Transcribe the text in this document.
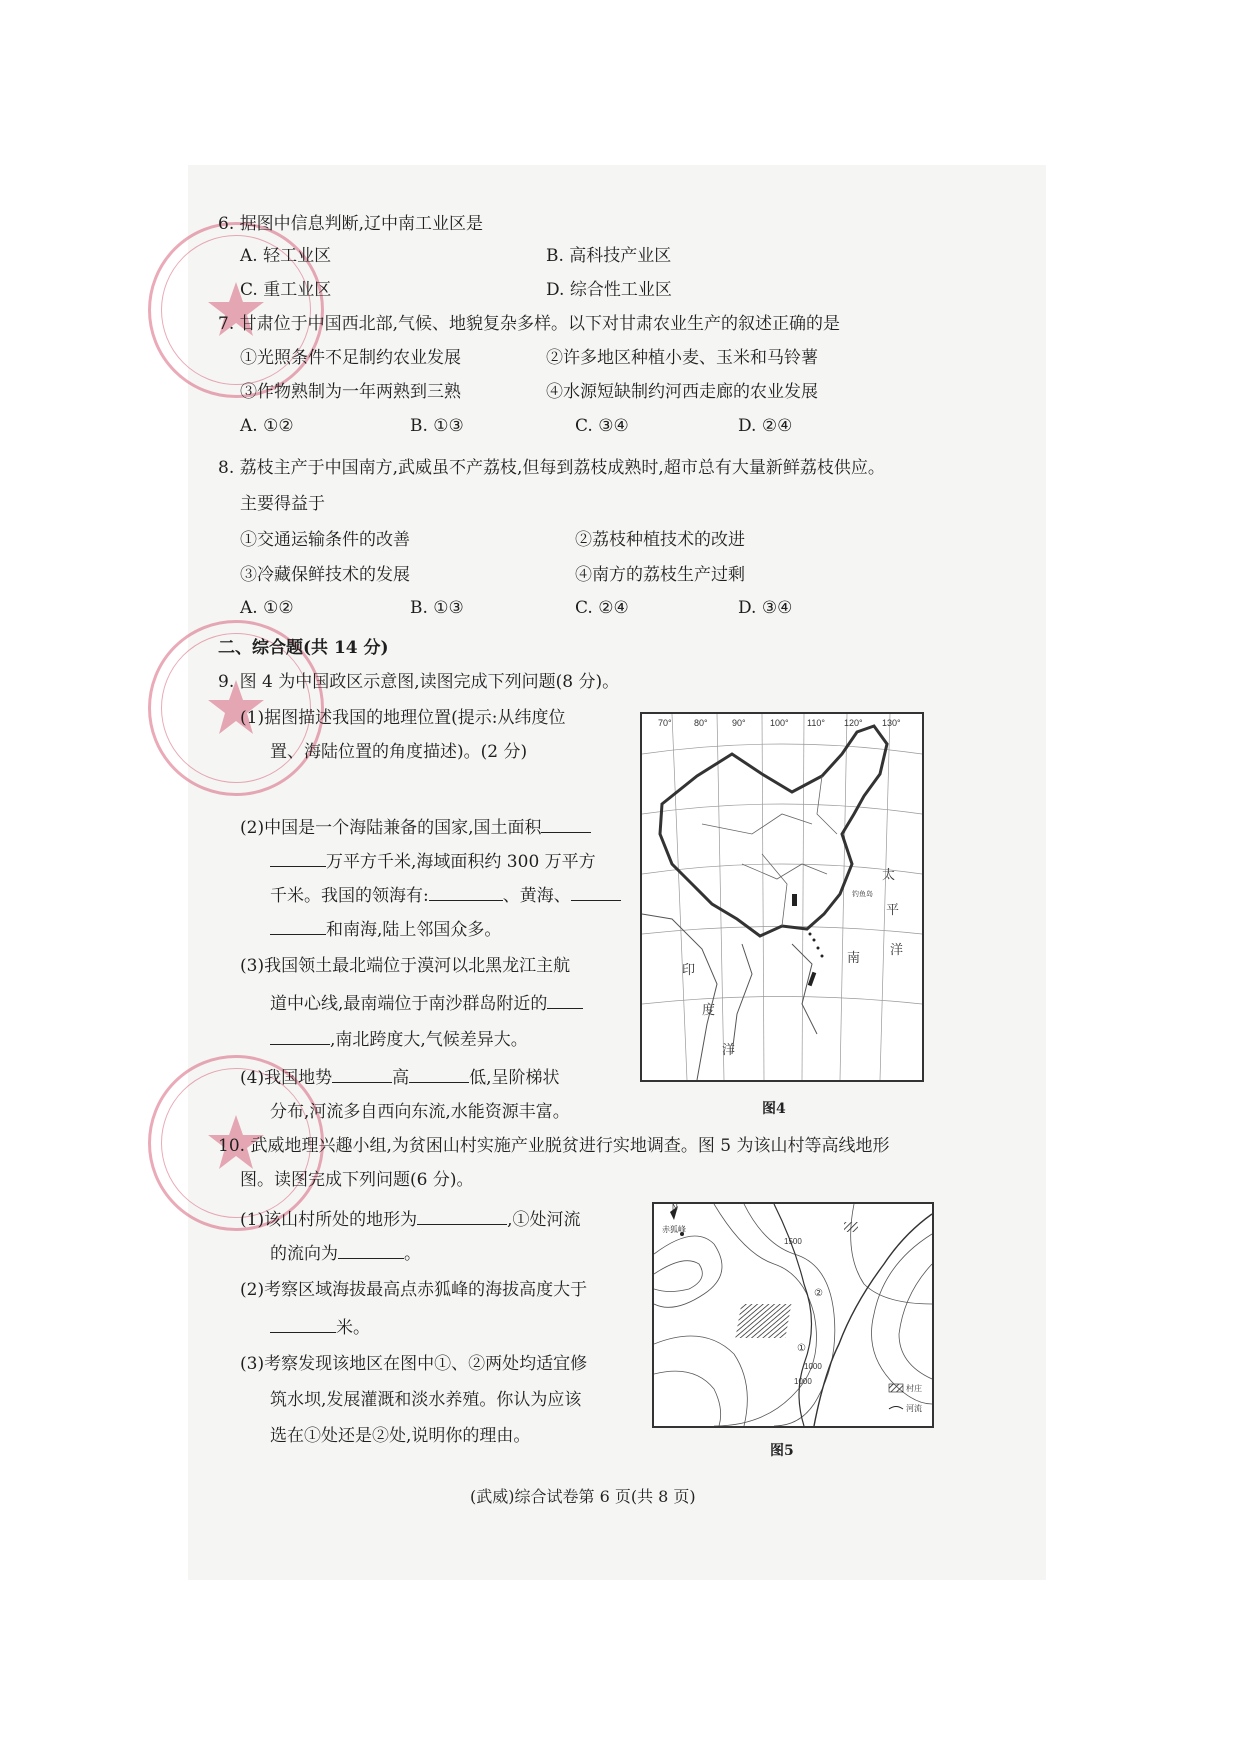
6. 据图中信息判断,辽中南工业区是
A. 轻工业区	B. 高科技产业区
C. 重工业区	D. 综合性工业区
7. 甘肃位于中国西北部,气候、地貌复杂多样。以下对甘肃农业生产的叙述正确的是
①光照条件不足制约农业发展	②许多地区种植小麦、玉米和马铃薯
③作物熟制为一年两熟到三熟	④水源短缺制约河西走廊的农业发展
A. ①②	B. ①③	C. ③④	D. ②④
8. 荔枝主产于中国南方,武威虽不产荔枝,但每到荔枝成熟时,超市总有大量新鲜荔枝供应。
主要得益于
①交通运输条件的改善	②荔枝种植技术的改进
③冷藏保鲜技术的发展	④南方的荔枝生产过剩
A. ①②	B. ①③	C. ②④	D. ③④
二、综合题(共 14 分)
9. 图 4 为中国政区示意图,读图完成下列问题(8 分)。
(1)据图描述我国的地理位置(提示:从纬度位
置、海陆位置的角度描述)。(2 分)
(2)中国是一个海陆兼备的国家,国土面积
万平方千米,海域面积约 300 万平方
千米。我国的领海有:	、黄海、
和南海,陆上邻国众多。
(3)我国领土最北端位于漠河以北黑龙江主航
道中心线,最南端位于南沙群岛附近的
,南北跨度大,气候差异大。
(4)我国地势	高	低,呈阶梯状
分布,河流多自西向东流,水能资源丰富。
70° 80°	90°	100° 110° 120° 130°
太
平
洋
印
度
洋
南
钓鱼岛
图4
10. 武威地理兴趣小组,为贫困山村实施产业脱贫进行实地调查。图 5 为该山村等高线地形
图。读图完成下列问题(6 分)。
(1)该山村所处的地形为	,①处河流
的流向为	。
(2)考察区域海拔最高点赤狐峰的海拔高度大于
米。
(3)考察发现该地区在图中①、②两处均适宜修
筑水坝,发展灌溉和淡水养殖。你认为应该
选在①处还是②处,说明你的理由。
N
赤狐峰
1500
1000
1000
村庄
河流
②
①
图5
(武威)综合试卷第 6 页(共 8 页)
